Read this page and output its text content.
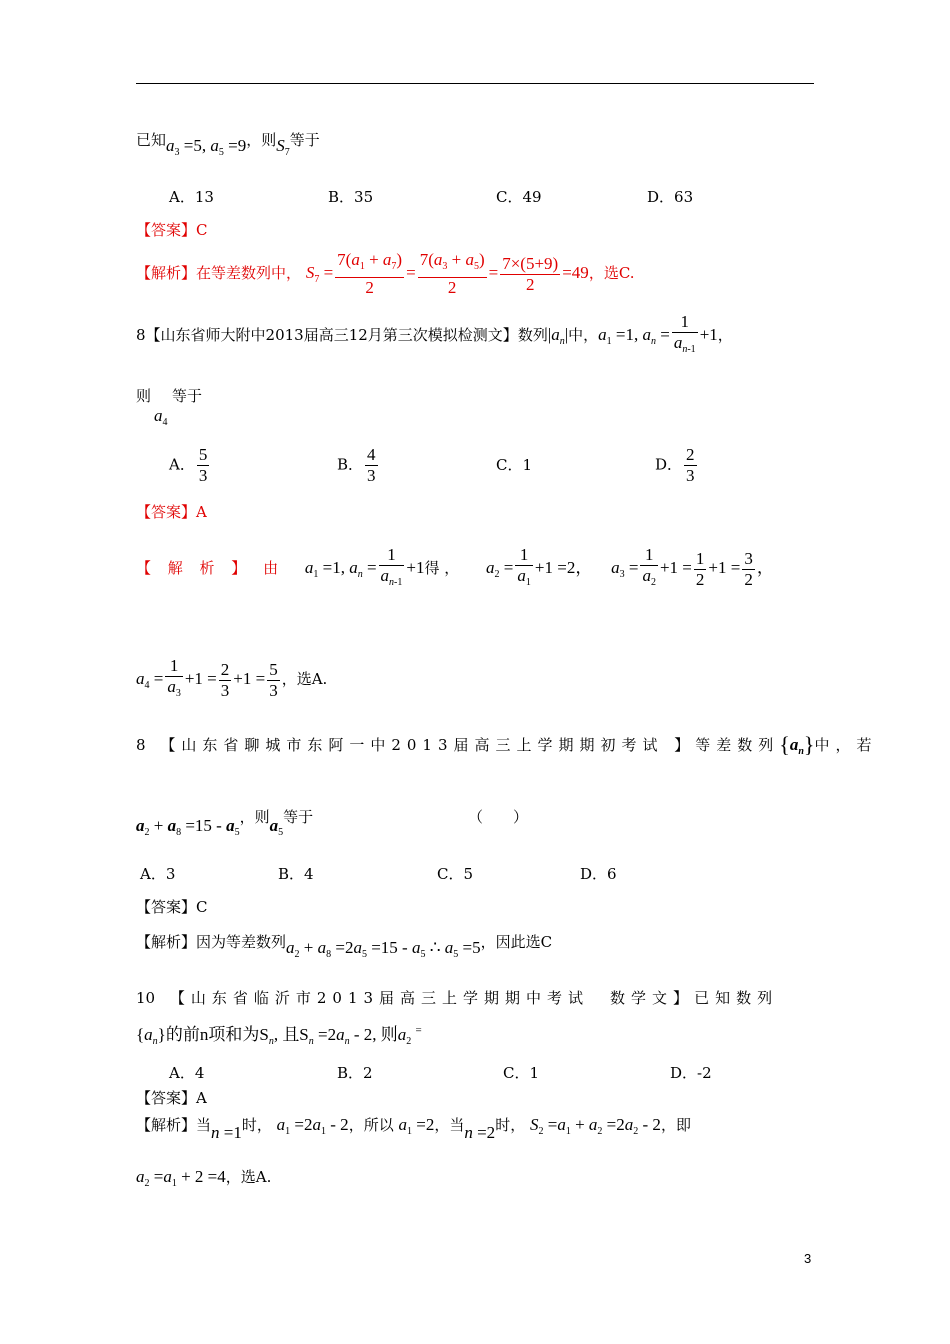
已知$a_3 =5$, $a_5 =9$，则$S_7$等于
A．13	B．35	C．49	D．63
【答案】C
【解析】在等差数列中， $S_7 = \frac{7(a_1 + a_7)}{2} = \frac{7(a_3 + a_5)}{2} = \frac{7\times(5+9)}{2} =49$，选C.
8【山东省师大附中2013届高三12月第三次模拟检测文】数列$|a_n|$中，$a_1 =1$, $a_n = \frac{1}{a_{n-1}} +1$，
则
$a_4$
等于
A． $\frac{5}{3}$	B． $\frac{4}{3}$	C．1	D． $\frac{2}{3}$
【答案】A
【 解 析 】 由 $a_1 =1$, $a_n = \frac{1}{a_{n-1}} +1$得 ， $a_2 = \frac{1}{a_1} +1 =2$， $a_3 = \frac{1}{a_2} +1 = \frac{1}{2} +1 = \frac{3}{2}$ ，
$a_4 = \frac{1}{a_3} +1 = \frac{2}{3} +1 = \frac{5}{3}$ ，选A.
8 【山东省聊城市东阿一中2013届高三上学期期初考试 】等差数列$\{a_n\}$中，若
$a_2 + a_8 =15 - a_5$，则$a_5$等于	（　　）
A．3	B．4	C．5	D．6
【答案】C
【解析】因为等差数列$a_2 + a_8 =2a_5 =15 - a_5$ ∴ $a_5 =5$，因此选C
10 【山东省临沂市2013届高三上学期期中考试　数学文】已知数列
$\{a_n\}$的前n项和为$S_n$, 且$S_n =2a_n - 2$, 则$a_2$ =
A．4	B．2	C．1	D．-2
【答案】A
【解析】当n =1时， $a_1 =2a_1 - 2$，所以 $a_1 =2$，当n =2时， $S_2 =a_1 + a_2 =2a_2 - 2$，即
$a_2 =a_1 + 2 =4$，选A.
3
